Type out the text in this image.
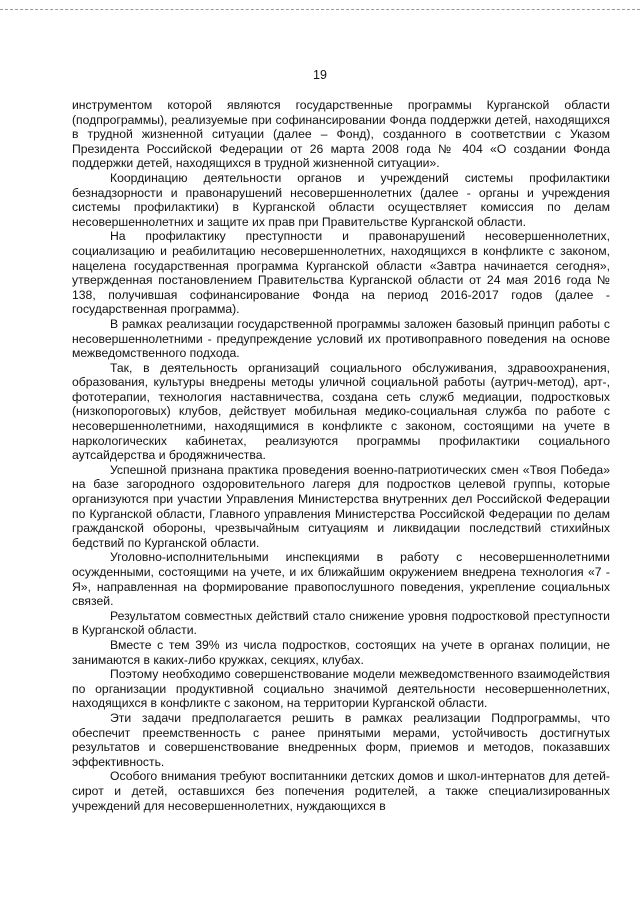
19

инструментом которой являются государственные программы Курганской области (подпрограммы), реализуемые при софинансировании Фонда поддержки детей, находящихся в трудной жизненной ситуации (далее – Фонд), созданного в соответствии с Указом Президента Российской Федерации от 26 марта 2008 года № 404 «О создании Фонда поддержки детей, находящихся в трудной жизненной ситуации».

Координацию деятельности органов и учреждений системы профилактики безнадзорности и правонарушений несовершеннолетних (далее - органы и учреждения системы профилактики) в Курганской области осуществляет комиссия по делам несовершеннолетних и защите их прав при Правительстве Курганской области.

На профилактику преступности и правонарушений несовершеннолетних, социализацию и реабилитацию несовершеннолетних, находящихся в конфликте с законом, нацелена государственная программа Курганской области «Завтра начинается сегодня», утвержденная постановлением Правительства Курганской области от 24 мая 2016 года № 138, получившая софинансирование Фонда на период 2016-2017 годов (далее - государственная программа).

В рамках реализации государственной программы заложен базовый принцип работы с несовершеннолетними - предупреждение условий их противоправного поведения на основе межведомственного подхода.

Так, в деятельность организаций социального обслуживания, здравоохранения, образования, культуры внедрены методы уличной социальной работы (аутрич-метод), арт-, фототерапии, технология наставничества, создана сеть служб медиации, подростковых (низкопороговых) клубов, действует мобильная медико-социальная служба по работе с несовершеннолетними, находящимися в конфликте с законом, состоящими на учете в наркологических кабинетах, реализуются программы профилактики социального аутсайдерства и бродяжничества.

Успешной признана практика проведения военно-патриотических смен «Твоя Победа» на базе загородного оздоровительного лагеря для подростков целевой группы, которые организуются при участии Управления Министерства внутренних дел Российской Федерации по Курганской области, Главного управления Министерства Российской Федерации по делам гражданской обороны, чрезвычайным ситуациям и ликвидации последствий стихийных бедствий по Курганской области.

Уголовно-исполнительными инспекциями в работу с несовершеннолетними осужденными, состоящими на учете, и их ближайшим окружением внедрена технология «7 - Я», направленная на формирование правопослушного поведения, укрепление социальных связей.

Результатом совместных действий стало снижение уровня подростковой преступности в Курганской области.

Вместе с тем 39% из числа подростков, состоящих на учете в органах полиции, не занимаются в каких-либо кружках, секциях, клубах.

Поэтому необходимо совершенствование модели межведомственного взаимодействия по организации продуктивной социально значимой деятельности несовершеннолетних, находящихся в конфликте с законом, на территории Курганской области.

Эти задачи предполагается решить в рамках реализации Подпрограммы, что обеспечит преемственность с ранее принятыми мерами, устойчивость достигнутых результатов и совершенствование внедренных форм, приемов и методов, показавших эффективность.

Особого внимания требуют воспитанники детских домов и школ-интернатов для детей-сирот и детей, оставшихся без попечения родителей, а также специализированных учреждений для несовершеннолетних, нуждающихся в
